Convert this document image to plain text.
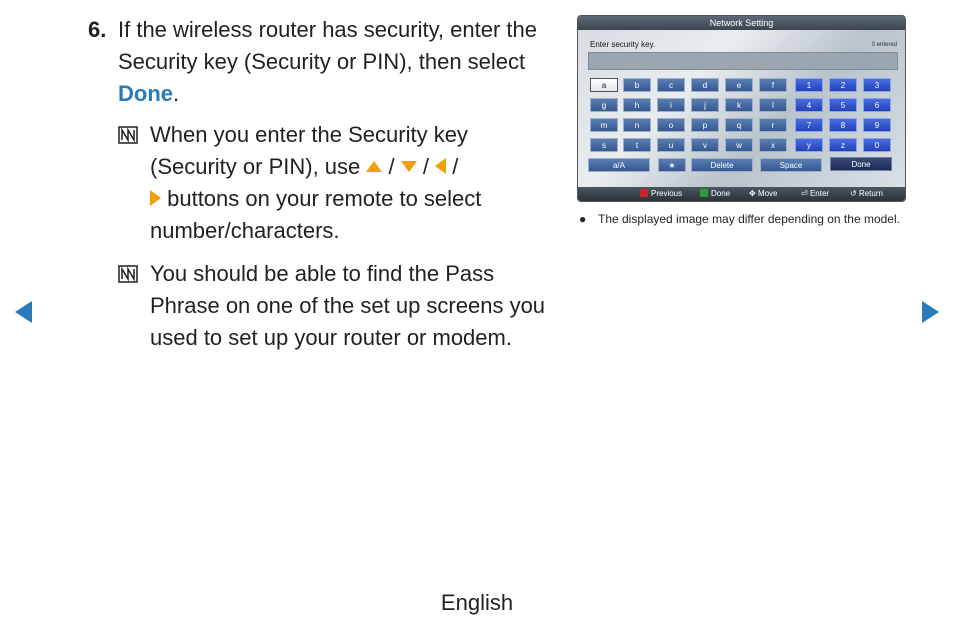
6. If the wireless router has security, enter the Security key (Security or PIN), then select Done.
When you enter the Security key (Security or PIN), use  /  /  /
buttons on your remote to select number/characters.
You should be able to find the Pass Phrase on one of the set up screens you used to set up your router or modem.
Network Setting
Enter security key.	0 entered
a/A	★	Delete	Space	Done
Previous	Done ✥ Move	⏎ Enter	↺ Return
a	b	c	d	e	f	1	2	3
g	h	i	j	k	l	4	5	6
m	n	o	p	q	r	7	8	9
s	t	u	v	w	x	y	z	0
● The displayed image may differ depending on the model.
English
